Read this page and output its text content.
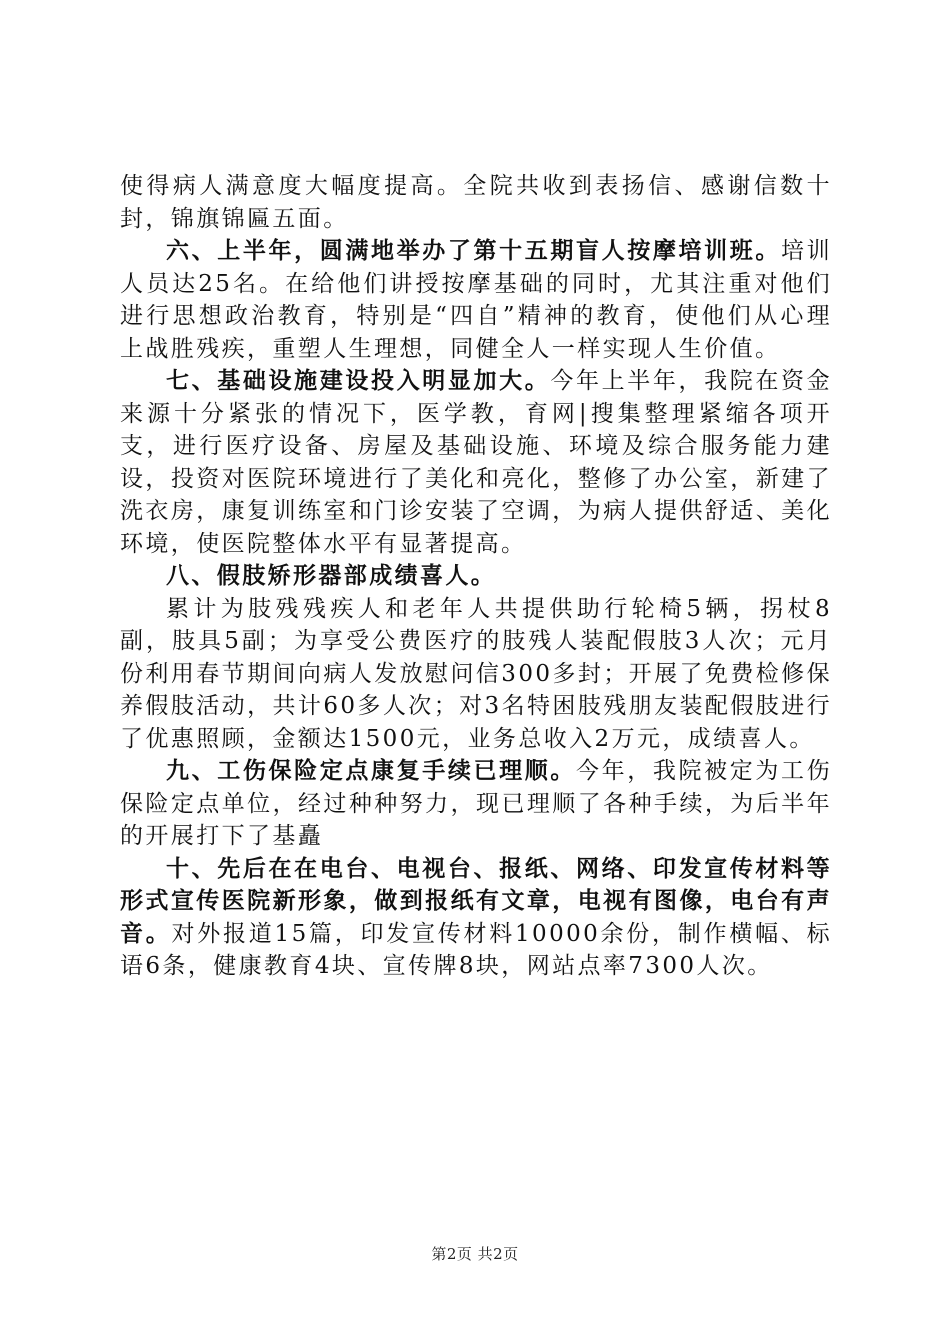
使得病人满意度大幅度提高。全院共收到表扬信、感谢信数十封，锦旗锦匾五面。

六、上半年，圆满地举办了第十五期盲人按摩培训班。培训人员达25名。在给他们讲授按摩基础的同时，尤其注重对他们进行思想政治教育，特别是“四自”精神的教育，使他们从心理上战胜残疾，重塑人生理想，同健全人一样实现人生价值。

七、基础设施建设投入明显加大。今年上半年，我院在资金来源十分紧张的情况下，医学教，育网|搜集整理紧缩各项开支，进行医疗设备、房屋及基础设施、环境及综合服务能力建设，投资对医院环境进行了美化和亮化，整修了办公室，新建了洗衣房，康复训练室和门诊安装了空调，为病人提供舒适、美化环境，使医院整体水平有显著提高。

八、假肢矫形器部成绩喜人。

累计为肢残残疾人和老年人共提供助行轮椅5辆，拐杖8副，肢具5副；为享受公费医疗的肢残人装配假肢3人次；元月份利用春节期间向病人发放慰问信300多封；开展了免费检修保养假肢活动，共计60多人次；对3名特困肢残朋友装配假肢进行了优惠照顾，金额达1500元，业务总收入2万元，成绩喜人。

九、工伤保险定点康复手续已理顺。今年，我院被定为工伤保险定点单位，经过种种努力，现已理顺了各种手续，为后半年的开展打下了基矗

十、先后在在电台、电视台、报纸、网络、印发宣传材料等形式宣传医院新形象，做到报纸有文章，电视有图像，电台有声音。对外报道15篇，印发宣传材料10000余份，制作横幅、标语6条，健康教育4块、宣传牌8块，网站点率7300人次。

第2页 共2页
